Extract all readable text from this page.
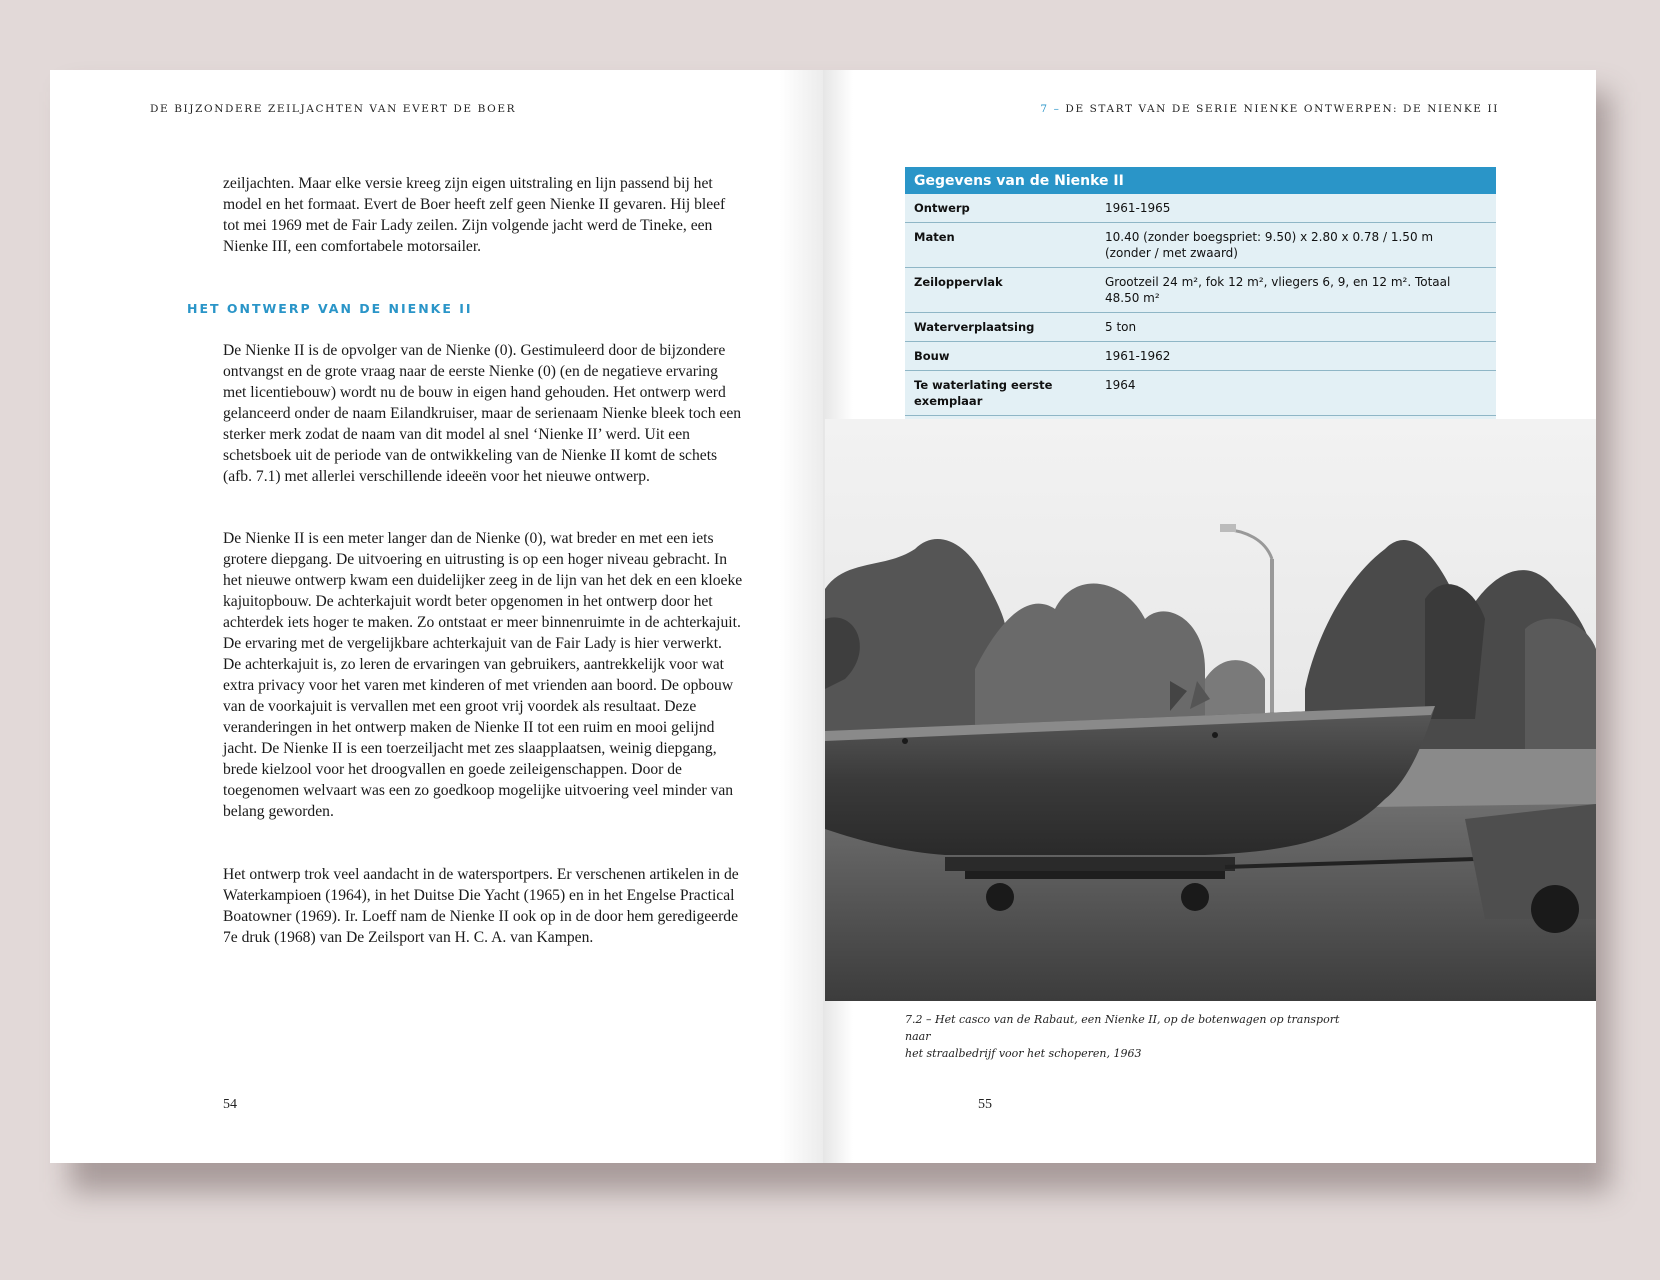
DE BIJZONDERE ZEILJACHTEN VAN EVERT DE BOER

zeiljachten. Maar elke versie kreeg zijn eigen uitstraling en lijn passend bij het model en het formaat. Evert de Boer heeft zelf geen Nienke II gevaren. Hij bleef tot mei 1969 met de Fair Lady zeilen. Zijn volgende jacht werd de Tineke, een Nienke III, een comfortabele motorsailer.

HET ONTWERP VAN DE NIENKE II

De Nienke II is de opvolger van de Nienke (0). Gestimuleerd door de bijzondere ontvangst en de grote vraag naar de eerste Nienke (0) (en de negatieve ervaring met licentiebouw) wordt nu de bouw in eigen hand gehouden. Het ontwerp werd gelanceerd onder de naam Eilandkruiser, maar de serienaam Nienke bleek toch een sterker merk zodat de naam van dit model al snel ‘Nienke II’ werd. Uit een schetsboek uit de periode van de ontwikkeling van de Nienke II komt de schets (afb. 7.1) met allerlei verschillende ideeën voor het nieuwe ontwerp.

De Nienke II is een meter langer dan de Nienke (0), wat breder en met een iets grotere diepgang. De uitvoering en uitrusting is op een hoger niveau gebracht. In het nieuwe ontwerp kwam een duidelijker zeeg in de lijn van het dek en een kloeke kajuitopbouw. De achterkajuit wordt beter opgenomen in het ontwerp door het achterdek iets hoger te maken. Zo ontstaat er meer binnenruimte in de achterkajuit. De ervaring met de vergelijkbare achterkajuit van de Fair Lady is hier verwerkt. De achterkajuit is, zo leren de ervaringen van gebruikers, aantrekkelijk voor wat extra privacy voor het varen met kinderen of met vrienden aan boord. De opbouw van de voorkajuit is vervallen met een groot vrij voordek als resultaat. Deze veranderingen in het ontwerp maken de Nienke II tot een ruim en mooi gelijnd jacht. De Nienke II is een toerzeiljacht met zes slaapplaatsen, weinig diepgang, brede kielzool voor het droogvallen en goede zeileigenschappen. Door de toegenomen welvaart was een zo goedkoop mogelijke uitvoering veel minder van belang geworden.

Het ontwerp trok veel aandacht in de watersportpers. Er verschenen artikelen in de Waterkampioen (1964), in het Duitse Die Yacht (1965) en in het Engelse Practical Boatowner (1969). Ir. Loeff nam de Nienke II ook op in de door hem geredigeerde 7e druk (1968) van De Zeilsport van H. C. A. van Kampen.

54
7 – DE START VAN DE SERIE NIENKE ONTWERPEN: DE NIENKE II
Gegevens van de Nienke II	
Ontwerp	1961-1965
Maten	10.40 (zonder boegspriet: 9.50) x 2.80 x 0.78 / 1.50 m
(zonder / met zwaard)

Zeiloppervlak	Grootzeil 24 m², fok 12 m², vliegers 6, 9, en 12 m². Totaal 48.50 m²
Waterverplaatsing	5 ton
Bouw	1961-1962
Te waterlating eerste exemplaar	1964

7.2 – Het casco van de Rabaut, een Nienke II, op de botenwagen op transport naar
het straalbedrijf voor het schoperen, 1963
55
